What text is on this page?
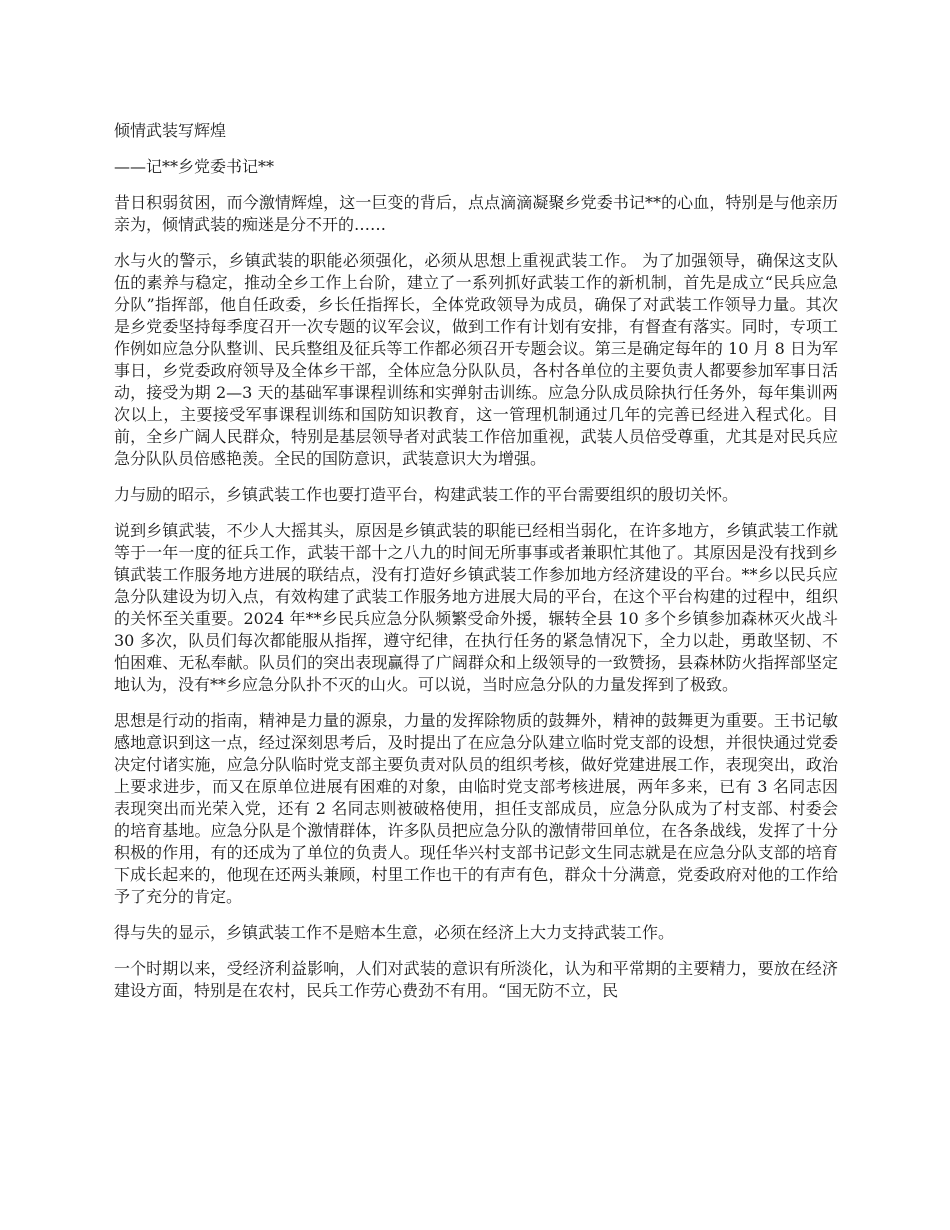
倾情武装写辉煌

——记**乡党委书记**

昔日积弱贫困，而今激情辉煌，这一巨变的背后，点点滴滴凝聚乡党委书记**的心血，特别是与他亲历亲为，倾情武装的痴迷是分不开的……

水与火的警示，乡镇武装的职能必须强化，必须从思想上重视武装工作。 为了加强领导，确保这支队伍的素养与稳定，推动全乡工作上台阶，建立了一系列抓好武装工作的新机制，首先是成立“民兵应急分队”指挥部，他自任政委，乡长任指挥长，全体党政领导为成员，确保了对武装工作领导力量。其次是乡党委坚持每季度召开一次专题的议军会议，做到工作有计划有安排，有督查有落实。同时，专项工作例如应急分队整训、民兵整组及征兵等工作都必须召开专题会议。第三是确定每年的 10 月 8 日为军事日，乡党委政府领导及全体乡干部，全体应急分队队员，各村各单位的主要负责人都要参加军事日活动，接受为期 2—3 天的基础军事课程训练和实弹射击训练。应急分队成员除执行任务外，每年集训两次以上，主要接受军事课程训练和国防知识教育，这一管理机制通过几年的完善已经进入程式化。目前，全乡广阔人民群众，特别是基层领导者对武装工作倍加重视，武装人员倍受尊重，尤其是对民兵应急分队队员倍感艳羡。全民的国防意识，武装意识大为增强。

力与励的昭示，乡镇武装工作也要打造平台，构建武装工作的平台需要组织的殷切关怀。

说到乡镇武装，不少人大摇其头，原因是乡镇武装的职能已经相当弱化，在许多地方，乡镇武装工作就等于一年一度的征兵工作，武装干部十之八九的时间无所事事或者兼职忙其他了。其原因是没有找到乡镇武装工作服务地方进展的联结点，没有打造好乡镇武装工作参加地方经济建设的平台。**乡以民兵应急分队建设为切入点，有效构建了武装工作服务地方进展大局的平台，在这个平台构建的过程中，组织的关怀至关重要。2024 年**乡民兵应急分队频繁受命外援，辗转全县 10 多个乡镇参加森林灭火战斗 30 多次，队员们每次都能服从指挥，遵守纪律，在执行任务的紧急情况下，全力以赴，勇敢坚韧、不怕困难、无私奉献。队员们的突出表现赢得了广阔群众和上级领导的一致赞扬，县森林防火指挥部坚定地认为，没有**乡应急分队扑不灭的山火。可以说，当时应急分队的力量发挥到了极致。

思想是行动的指南，精神是力量的源泉，力量的发挥除物质的鼓舞外，精神的鼓舞更为重要。王书记敏感地意识到这一点，经过深刻思考后，及时提出了在应急分队建立临时党支部的设想，并很快通过党委决定付诸实施，应急分队临时党支部主要负责对队员的组织考核，做好党建进展工作，表现突出，政治上要求进步，而又在原单位进展有困难的对象，由临时党支部考核进展，两年多来，已有 3 名同志因表现突出而光荣入党，还有 2 名同志则被破格使用，担任支部成员，应急分队成为了村支部、村委会的培育基地。应急分队是个激情群体，许多队员把应急分队的激情带回单位，在各条战线，发挥了十分积极的作用，有的还成为了单位的负责人。现任华兴村支部书记彭文生同志就是在应急分队支部的培育下成长起来的，他现在还两头兼顾，村里工作也干的有声有色，群众十分满意，党委政府对他的工作给予了充分的肯定。

得与失的显示，乡镇武装工作不是赔本生意，必须在经济上大力支持武装工作。

一个时期以来，受经济利益影响，人们对武装的意识有所淡化，认为和平常期的主要精力，要放在经济建设方面，特别是在农村，民兵工作劳心费劲不有用。“国无防不立，民
